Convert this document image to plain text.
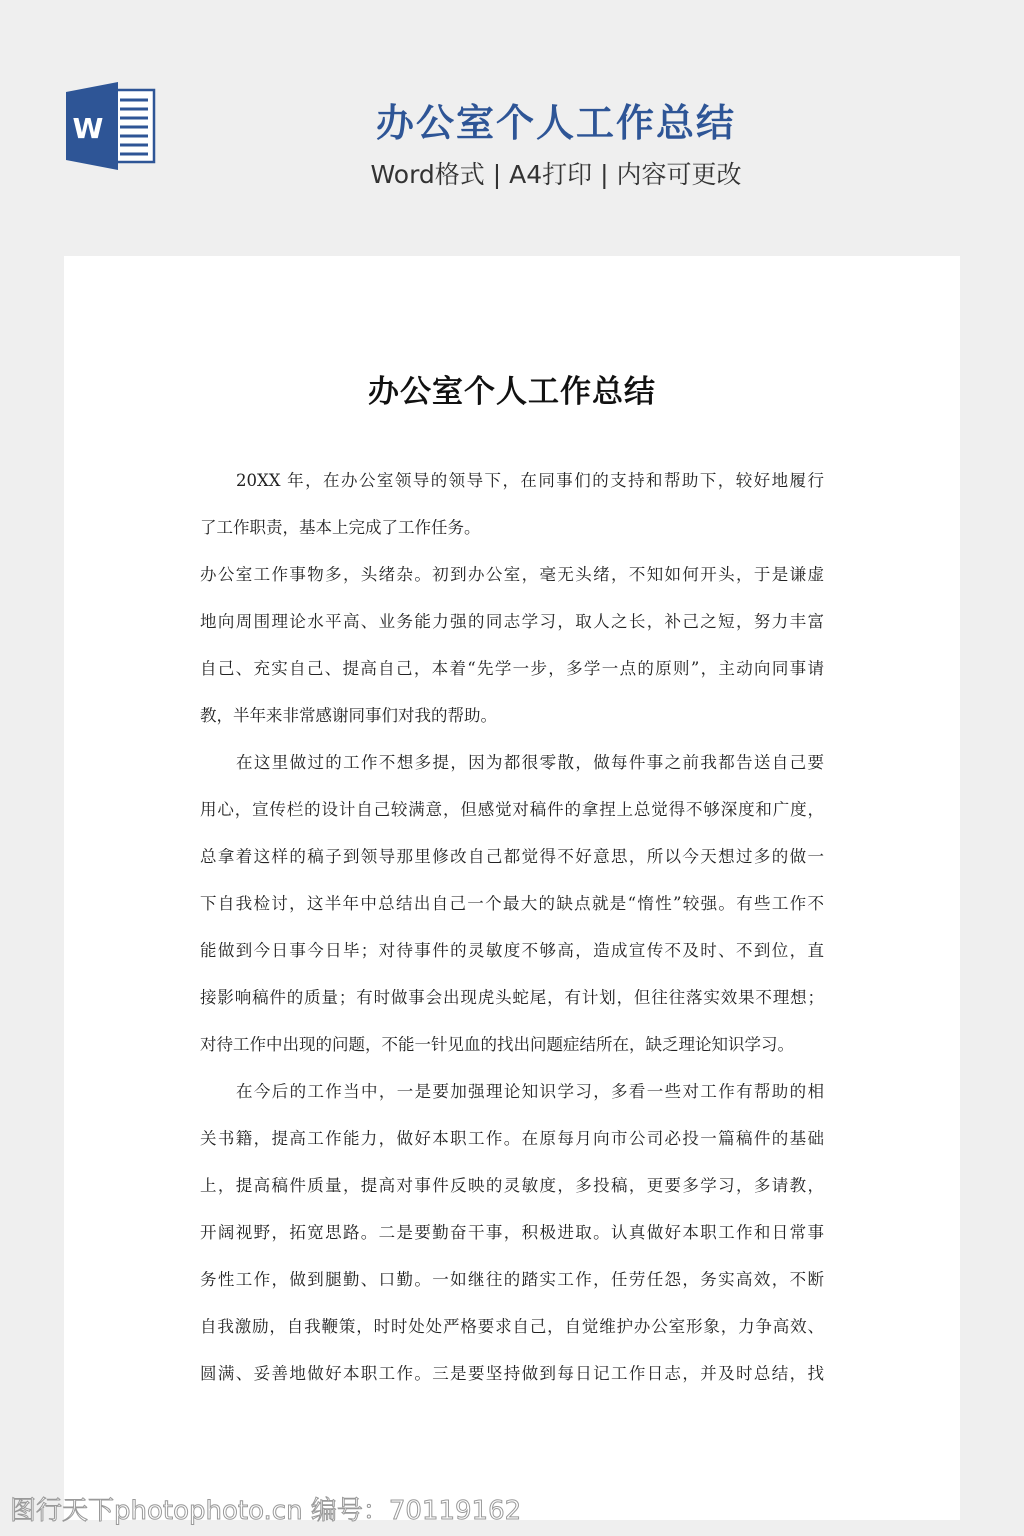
W	办公室个人工作总结
Word格式 | A4打印 | 内容可更改
办公室个人工作总结
20XX 年，在办公室领导的领导下，在同事们的支持和帮助下，较好地履行
了工作职责，基本上完成了工作任务。
办公室工作事物多，头绪杂。初到办公室，毫无头绪，不知如何开头，于是谦虚
地向周围理论水平高、业务能力强的同志学习，取人之长，补己之短，努力丰富
自己、充实自己、提高自己，本着“先学一步，多学一点的原则”，主动向同事请
教，半年来非常感谢同事们对我的帮助。
在这里做过的工作不想多提，因为都很零散，做每件事之前我都告送自己要
用心，宣传栏的设计自己较满意，但感觉对稿件的拿捏上总觉得不够深度和广度，
总拿着这样的稿子到领导那里修改自己都觉得不好意思，所以今天想过多的做一
下自我检讨，这半年中总结出自己一个最大的缺点就是“惰性”较强。有些工作不
能做到今日事今日毕；对待事件的灵敏度不够高，造成宣传不及时、不到位，直
接影响稿件的质量；有时做事会出现虎头蛇尾，有计划，但往往落实效果不理想；
对待工作中出现的问题，不能一针见血的找出问题症结所在，缺乏理论知识学习。
在今后的工作当中，一是要加强理论知识学习，多看一些对工作有帮助的相
关书籍，提高工作能力，做好本职工作。在原每月向市公司必投一篇稿件的基础
上，提高稿件质量，提高对事件反映的灵敏度，多投稿，更要多学习，多请教，
开阔视野，拓宽思路。二是要勤奋干事，积极进取。认真做好本职工作和日常事
务性工作，做到腿勤、口勤。一如继往的踏实工作，任劳任怨，务实高效，不断
自我激励，自我鞭策，时时处处严格要求自己，自觉维护办公室形象，力争高效、
圆满、妥善地做好本职工作。三是要坚持做到每日记工作日志，并及时总结，找
图行天下photophoto.cn 编号：70119162
